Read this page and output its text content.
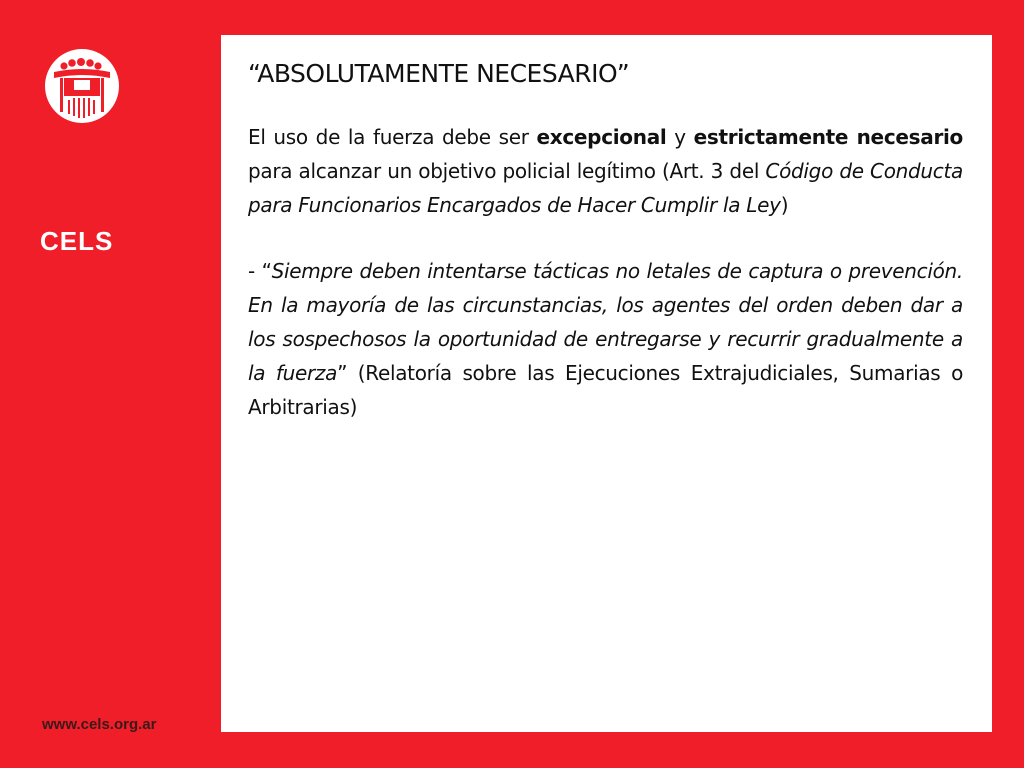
CELS
www.cels.org.ar
“ABSOLUTAMENTE NECESARIO”

El uso de la fuerza debe ser excepcional y estrictamente necesario para alcanzar un objetivo policial legítimo (Art. 3 del Código de Conducta para Funcionarios Encargados de Hacer Cumplir la Ley)

- “Siempre deben intentarse tácticas no letales de captura o prevención. En la mayoría de las circunstancias, los agentes del orden deben dar a los sospechosos la oportunidad de entregarse y recurrir gradualmente a la fuerza” (Relatoría sobre las Ejecuciones Extrajudiciales, Sumarias o Arbitrarias)
